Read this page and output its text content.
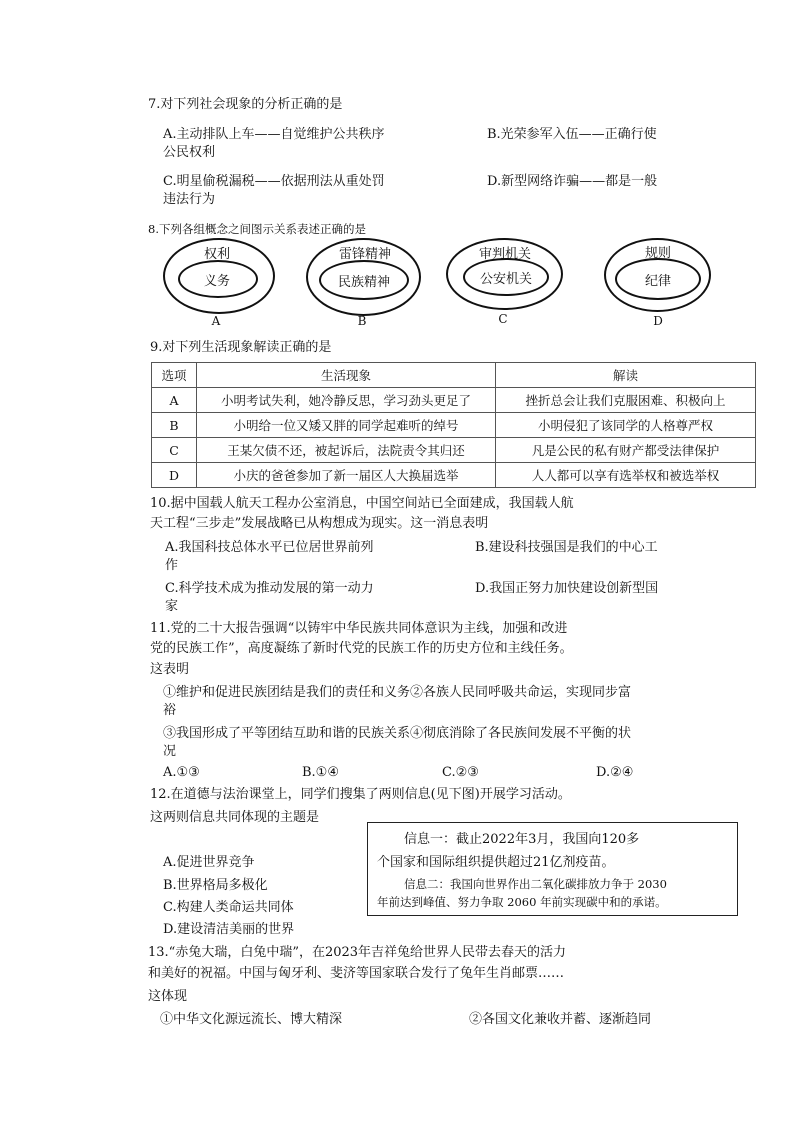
7.对下列社会现象的分析正确的是
A.主动排队上车——自觉维护公共秩序	B.光荣参军入伍——正确行使
公民权利
C.明星偷税漏税——依据刑法从重处罚	D.新型网络诈骗——都是一般
违法行为
8.下列各组概念之间图示关系表述正确的是
权利
义务
A
雷锋精神
民族精神
B
审判机关
公安机关
C
规则
纪律
D
9.对下列生活现象解读正确的是
选项	生活现象	解读
A	小明考试失利，她冷静反思，学习劲头更足了	挫折总会让我们克服困难、积极向上
B	小明给一位又矮又胖的同学起难听的绰号	小明侵犯了该同学的人格尊严权
C	王某欠债不还，被起诉后，法院责令其归还	凡是公民的私有财产都受法律保护
D	小庆的爸爸参加了新一届区人大换届选举	人人都可以享有选举权和被选举权
10.据中国载人航天工程办公室消息，中国空间站已全面建成，我国载人航
天工程“三步走”发展战略已从构想成为现实。这一消息表明
A.我国科技总体水平已位居世界前列	B.建设科技强国是我们的中心工
作
C.科学技术成为推动发展的第一动力	D.我国正努力加快建设创新型国
家
11.党的二十大报告强调“以铸牢中华民族共同体意识为主线，加强和改进
党的民族工作”，高度凝练了新时代党的民族工作的历史方位和主线任务。
这表明
①维护和促进民族团结是我们的责任和义务②各族人民同呼吸共命运，实现同步富
裕
③我国形成了平等团结互助和谐的民族关系④彻底消除了各民族间发展不平衡的状
况
A.①③	B.①④	C.②③	D.②④
12.在道德与法治课堂上，同学们搜集了两则信息(见下图)开展学习活动。
这两则信息共同体现的主题是
A.促进世界竞争
B.世界格局多极化
C.构建人类命运共同体
D.建设清洁美丽的世界
信息一：截止2022年3月，我国向120多
个国家和国际组织提供超过21亿剂疫苗。
信息二：我国向世界作出二氧化碳排放力争于 2030
年前达到峰值、努力争取 2060 年前实现碳中和的承诺。
13.“赤兔大瑞，白兔中瑞”，在2023年吉祥兔给世界人民带去春天的活力
和美好的祝福。中国与匈牙利、斐济等国家联合发行了兔年生肖邮票……
这体现
①中华文化源远流长、博大精深	②各国文化兼收并蓄、逐渐趋同
